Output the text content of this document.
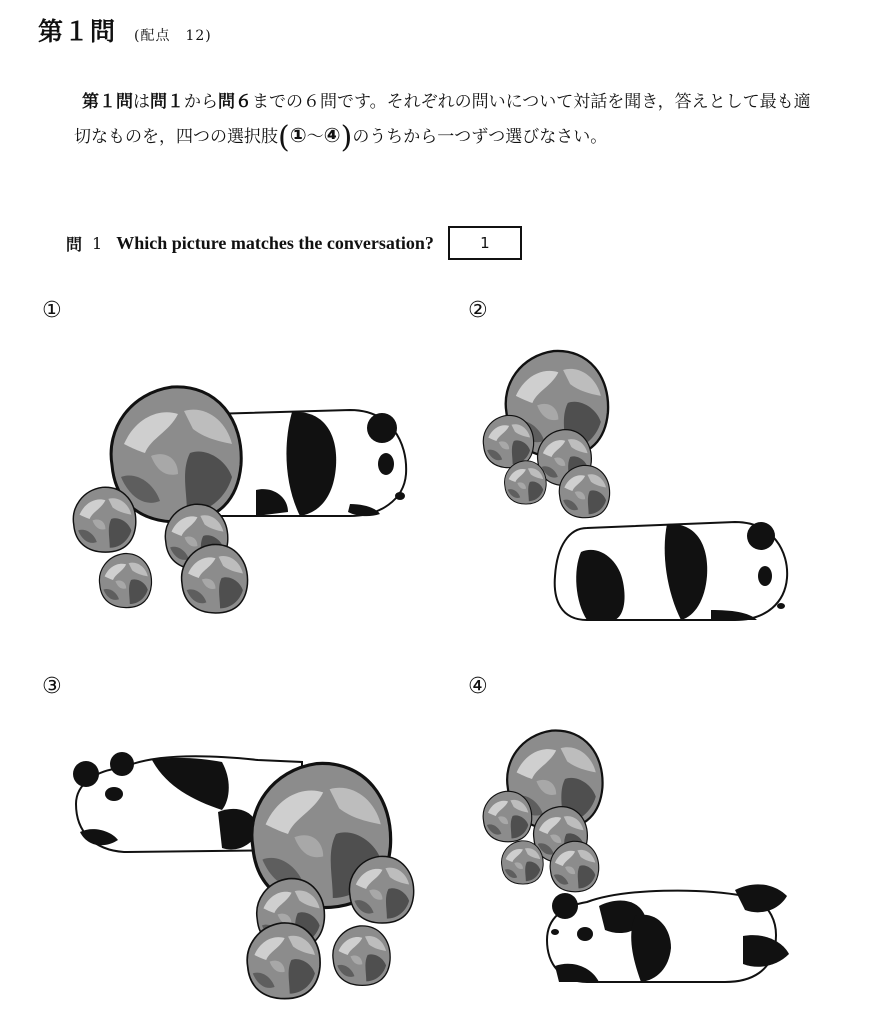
第１問 (配点　12)
第１問は問１から問６までの６問です。それぞれの問いについて対話を聞き，答えとして最も適切なものを，四つの選択肢(①～④)のうちから一つずつ選びなさい。
問 1 Which picture matches the conversation?	1
①	②
③	④
